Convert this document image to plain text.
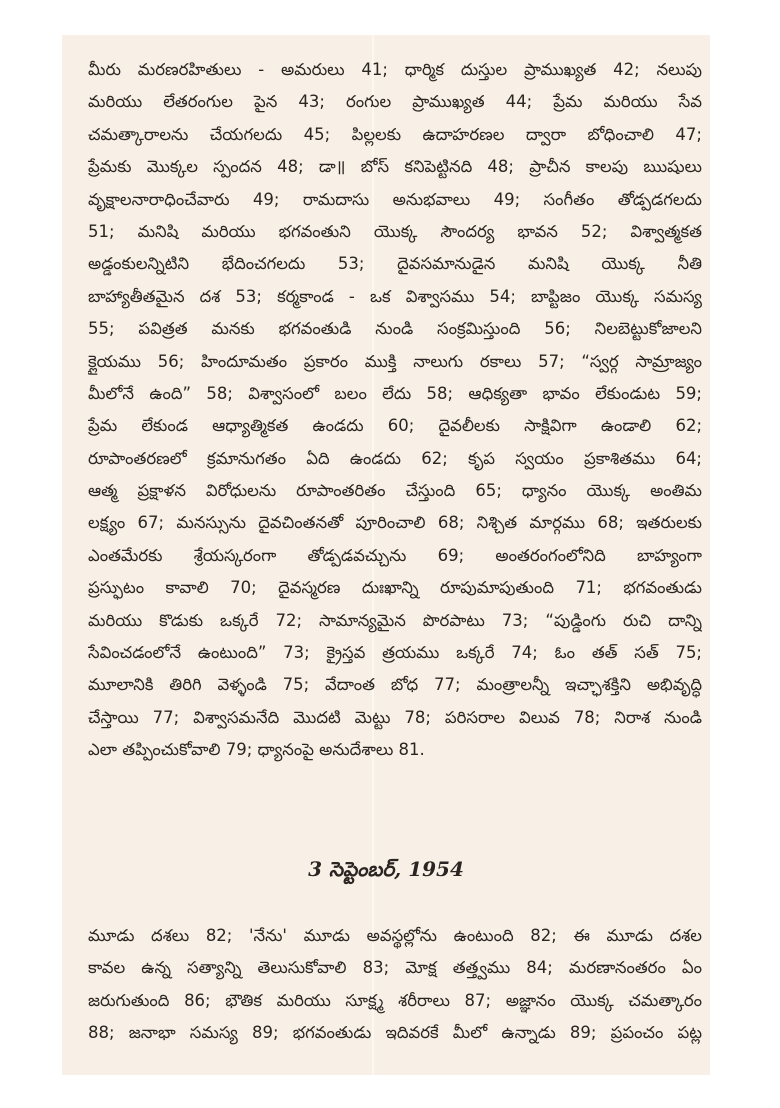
మీరు మరణరహితులు - అమరులు 41; ధార్మిక దుస్తుల ప్రాముఖ్యత 42; నలుపు
మరియు లేతరంగుల పైన 43; రంగుల ప్రాముఖ్యత 44; ప్రేమ మరియు సేవ
చమత్కారాలను చేయగలదు 45; పిల్లలకు ఉదాహరణల ద్వారా బోధించాలి 47;
ప్రేమకు మొక్కల స్పందన 48; డా॥ బోస్ కనిపెట్టినది 48; ప్రాచీన కాలపు ఋషులు
వృక్షాలనారాధించేవారు 49; రామదాసు అనుభవాలు 49; సంగీతం తోడ్పడగలదు
51; మనిషి మరియు భగవంతుని యొక్క సౌందర్య భావన 52; విశ్వాత్మకత
అడ్డంకులన్నిటిని భేదించగలదు 53; దైవసమానుడైన మనిషి యొక్క నీతి
బాహ్యాతీతమైన దశ 53; కర్మకాండ - ఒక విశ్వాసము 54; బాప్టిజం యొక్క సమస్య
55; పవిత్రత మనకు భగవంతుడి నుండి సంక్రమిస్తుంది 56; నిలబెట్టుకోజాలని
క్లైయము 56; హిందూమతం ప్రకారం ముక్తి నాలుగు రకాలు 57; “స్వర్గ సామ్రాజ్యం
మీలోనే ఉంది” 58; విశ్వాసంలో బలం లేదు 58; ఆధిక్యతా భావం లేకుండుట 59;
ప్రేమ లేకుండ ఆధ్యాత్మికత ఉండదు 60; దైవలీలకు సాక్షివిగా ఉండాలి 62;
రూపాంతరణలో క్రమానుగతం ఏది ఉండదు 62; కృప స్వయం ప్రకాశితము 64;
ఆత్మ ప్రక్షాళన విరోధులను రూపాంతరితం చేస్తుంది 65; ధ్యానం యొక్క అంతిమ
లక్ష్యం 67; మనస్సును దైవచింతనతో పూరించాలి 68; నిశ్చిత మార్గము 68; ఇతరులకు
ఎంతమేరకు శ్రేయస్కరంగా తోడ్పడవచ్చును 69; అంతరంగంలోనిది బాహ్యంగా
ప్రస్ఫుటం కావాలి 70; దైవస్మరణ దుఃఖాన్ని రూపుమాపుతుంది 71; భగవంతుడు
మరియు కొడుకు ఒక్కరే 72; సామాన్యమైన పొరపాటు 73; “పుడ్డింగు రుచి దాన్ని
సేవించడంలోనే ఉంటుంది” 73; క్రైస్తవ త్రయము ఒక్కరే 74; ఓం తత్ సత్ 75;
మూలానికి తిరిగి వెళ్ళండి 75; వేదాంత బోధ 77; మంత్రాలన్నీ ఇచ్ఛాశక్తిని అభివృద్ధి
చేస్తాయి 77; విశ్వాసమనేది మొదటి మెట్టు 78; పరిసరాల విలువ 78; నిరాశ నుండి
ఎలా తప్పించుకోవాలి 79; ధ్యానంపై అనుదేశాలు 81.
3 సెప్టెంబర్, 1954
మూడు దశలు 82; 'నేను' మూడు అవస్థల్లోను ఉంటుంది 82; ఈ మూడు దశల
కావల ఉన్న సత్యాన్ని తెలుసుకోవాలి 83; మోక్ష తత్త్వము 84; మరణానంతరం ఏం
జరుగుతుంది 86; భౌతిక మరియు సూక్ష్మ శరీరాలు 87; అజ్ఞానం యొక్క చమత్కారం
88; జనాభా సమస్య 89; భగవంతుడు ఇదివరకే మీలో ఉన్నాడు 89; ప్రపంచం పట్ల
